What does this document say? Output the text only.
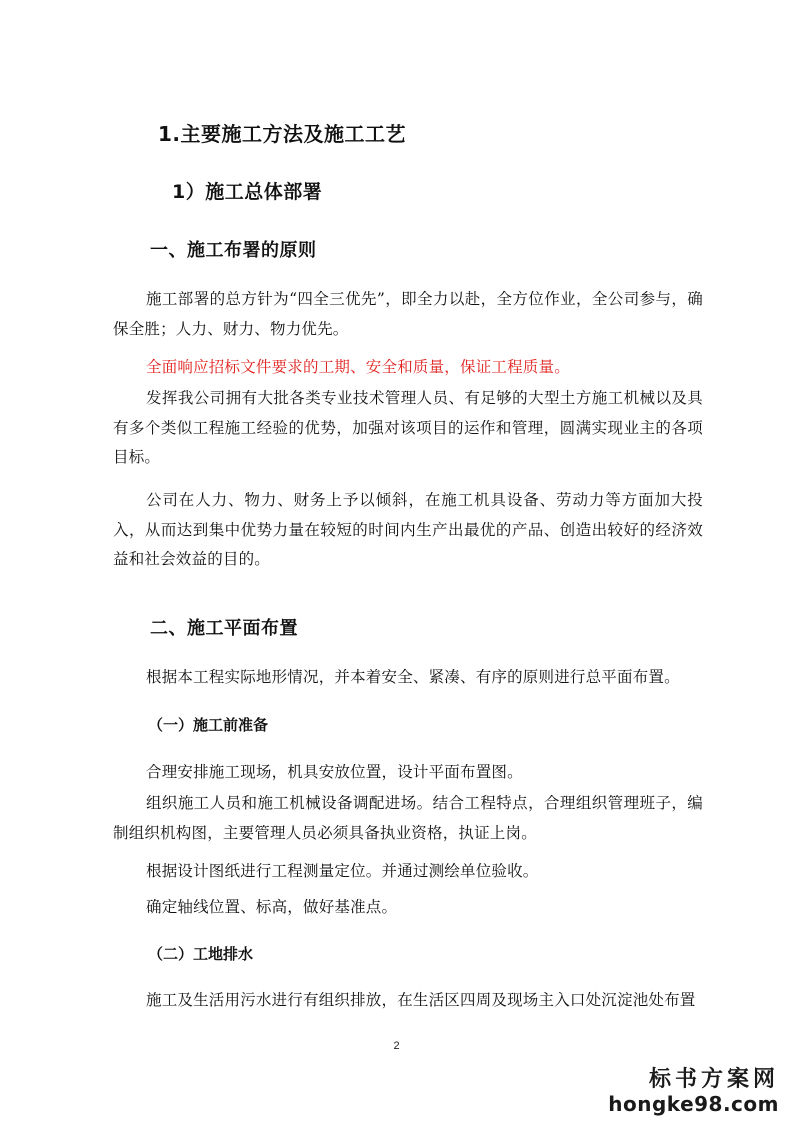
1.主要施工方法及施工工艺
1）施工总体部署
一、施工布署的原则
施工部署的总方针为“四全三优先”，即全力以赴，全方位作业，全公司参与，确保全胜；人力、财力、物力优先。
全面响应招标文件要求的工期、安全和质量，保证工程质量。
发挥我公司拥有大批各类专业技术管理人员、有足够的大型土方施工机械以及具有多个类似工程施工经验的优势，加强对该项目的运作和管理，圆满实现业主的各项目标。
公司在人力、物力、财务上予以倾斜，在施工机具设备、劳动力等方面加大投入，从而达到集中优势力量在较短的时间内生产出最优的产品、创造出较好的经济效益和社会效益的目的。
二、施工平面布置
根据本工程实际地形情况，并本着安全、紧凑、有序的原则进行总平面布置。
（一）施工前准备
合理安排施工现场，机具安放位置，设计平面布置图。
组织施工人员和施工机械设备调配进场。结合工程特点，合理组织管理班子，编制组织机构图，主要管理人员必须具备执业资格，执证上岗。
根据设计图纸进行工程测量定位。并通过测绘单位验收。
确定轴线位置、标高，做好基准点。
（二）工地排水
施工及生活用污水进行有组织排放，在生活区四周及现场主入口处沉淀池处布置
2
标书方案网
hongke98.com
